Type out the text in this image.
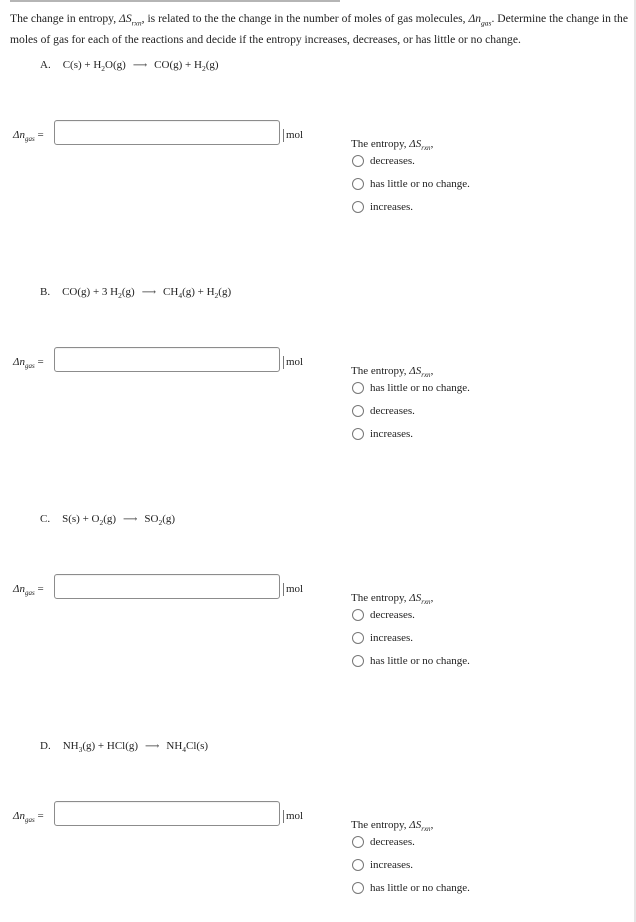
The change in entropy, $\Delta S_{rxn}$, is related to the the change in the number of moles of gas molecules, $\Delta n_{gas}$. Determine the change in the moles of gas for each of the reactions and decide if the entropy increases, decreases, or has little or no change.
A. $C(s) + H_2O(g)$ ⟶ $CO(g) + H_2(g)$
$\Delta n_{gas}$ =	mol
The entropy, $\Delta S_{rxn}$,
decreases.
has little or no change.
increases.
B. CO(g) + 3 $H_2(g)$ ⟶ $CH_4(g) + H_2(g)$
$\Delta n_{gas}$ =	mol
The entropy, $\Delta S_{rxn}$,
has little or no change.
decreases.
increases.
C. $S(s) + O_2(g)$ ⟶ $SO_2(g)$
$\Delta n_{gas}$ =	mol
The entropy, $\Delta S_{rxn}$,
decreases.
increases.
has little or no change.
D. $NH_3(g) + HCl(g)$ ⟶ $NH_4Cl(s)$
$\Delta n_{gas}$ =	mol
The entropy, $\Delta S_{rxn}$,
decreases.
increases.
has little or no change.
